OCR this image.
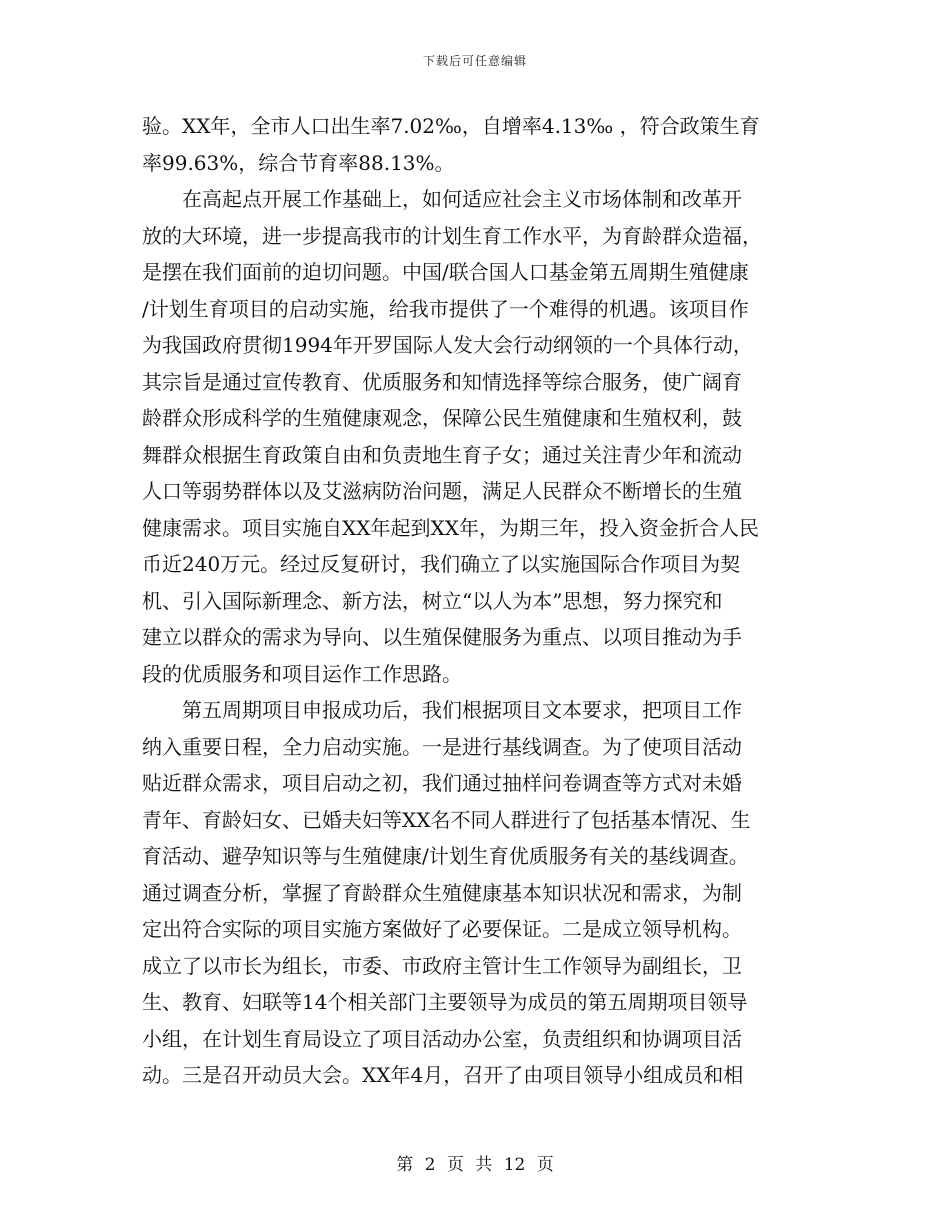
下载后可任意编辑
验。XX年，全市人口出生率7.02‰，自增率4.13‰ ，符合政策生育
率99.63%，综合节育率88.13%。
　　在高起点开展工作基础上，如何适应社会主义市场体制和改革开
放的大环境，进一步提高我市的计划生育工作水平，为育龄群众造福，
是摆在我们面前的迫切问题。中国/联合国人口基金第五周期生殖健康
/计划生育项目的启动实施，给我市提供了一个难得的机遇。该项目作
为我国政府贯彻1994年开罗国际人发大会行动纲领的一个具体行动，
其宗旨是通过宣传教育、优质服务和知情选择等综合服务，使广阔育
龄群众形成科学的生殖健康观念，保障公民生殖健康和生殖权利，鼓
舞群众根据生育政策自由和负责地生育子女；通过关注青少年和流动
人口等弱势群体以及艾滋病防治问题，满足人民群众不断增长的生殖
健康需求。项目实施自XX年起到XX年，为期三年，投入资金折合人民
币近240万元。经过反复研讨，我们确立了以实施国际合作项目为契
机、引入国际新理念、新方法，树立“以人为本”思想，努力探究和
建立以群众的需求为导向、以生殖保健服务为重点、以项目推动为手
段的优质服务和项目运作工作思路。
　　第五周期项目申报成功后，我们根据项目文本要求，把项目工作
纳入重要日程，全力启动实施。一是进行基线调查。为了使项目活动
贴近群众需求，项目启动之初，我们通过抽样问卷调查等方式对未婚
青年、育龄妇女、已婚夫妇等XX名不同人群进行了包括基本情况、生
育活动、避孕知识等与生殖健康/计划生育优质服务有关的基线调查。
通过调查分析，掌握了育龄群众生殖健康基本知识状况和需求，为制
定出符合实际的项目实施方案做好了必要保证。二是成立领导机构。
成立了以市长为组长，市委、市政府主管计生工作领导为副组长，卫
生、教育、妇联等14个相关部门主要领导为成员的第五周期项目领导
小组，在计划生育局设立了项目活动办公室，负责组织和协调项目活
动。三是召开动员大会。XX年4月，召开了由项目领导小组成员和相
第 2 页 共 12 页
